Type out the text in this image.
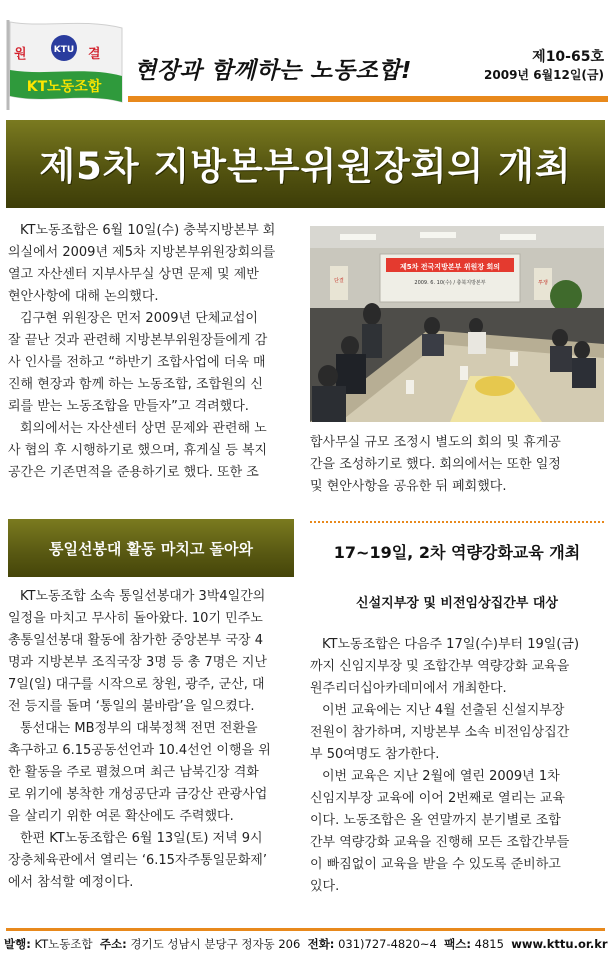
원	결
KTU
KT노동조합
현장과 함께하는 노동조합!
제10-65호
2009년 6월12일(금)
제5차 지방본부위원장회의 개최
KT노동조합은 6월 10일(수) 충북지방본부 회
의실에서 2009년 제5차 지방본부위원장회의를
열고 자산센터 지부사무실 상면 문제 및 제반
현안사항에 대해 논의했다.
김구현 위원장은 먼저 2009년 단체교섭이
잘 끝난 것과 관련해 지방본부위원장들에게 감
사 인사를 전하고 “하반기 조합사업에 더욱 매
진해 현장과 함께 하는 노동조합, 조합원의 신
뢰를 받는 노동조합을 만들자”고 격려했다.
회의에서는 자산센터 상면 문제와 관련해 노
사 협의 후 시행하기로 했으며, 휴게실 등 복지
공간은 기존면적을 준용하기로 했다. 또한 조
제5차 전국지방본부 위원장 회의
2009. 6. 10(수) / 충북지방본부
단결	투쟁
합사무실 규모 조정시 별도의 회의 및 휴게공
간을 조성하기로 했다. 회의에서는 또한 일정
및 현안사항을 공유한 뒤 폐회했다.
통일선봉대 활동 마치고 돌아와
KT노동조합 소속 통일선봉대가 3박4일간의
일정을 마치고 무사히 돌아왔다. 10기 민주노
총통일선봉대 활동에 참가한 중앙본부 국장 4
명과 지방본부 조직국장 3명 등 총 7명은 지난
7일(일) 대구를 시작으로 창원, 광주, 군산, 대
전 등지를 돌며 ‘통일의 불바람’을 일으켰다.
통선대는 MB정부의 대북정책 전면 전환을
촉구하고 6.15공동선언과 10.4선언 이행을 위
한 활동을 주로 펼쳤으며 최근 남북긴장 격화
로 위기에 봉착한 개성공단과 금강산 관광사업
을 살리기 위한 여론 확산에도 주력했다.
한편 KT노동조합은 6월 13일(토) 저녁 9시
장충체육관에서 열리는 ‘6.15자주통일문화제’
에서 참석할 예정이다.
17~19일, 2차 역량강화교육 개최
신설지부장 및 비전임상집간부 대상
KT노동조합은 다음주 17일(수)부터 19일(금)
까지 신임지부장 및 조합간부 역량강화 교육을
원주리더십아카데미에서 개최한다.
이번 교육에는 지난 4월 선출된 신설지부장
전원이 참가하며, 지방본부 소속 비전임상집간
부 50여명도 참가한다.
이번 교육은 지난 2월에 열린 2009년 1차
신임지부장 교육에 이어 2번째로 열리는 교육
이다. 노동조합은 올 연말까지 분기별로 조합
간부 역량강화 교육을 진행해 모든 조합간부들
이 빠짐없이 교육을 받을 수 있도록 준비하고
있다.
발행: KT노동조합 주소: 경기도 성남시 분당구 정자동 206 전화: 031)727-4820~4 팩스: 4815 www.kttu.or.kr
